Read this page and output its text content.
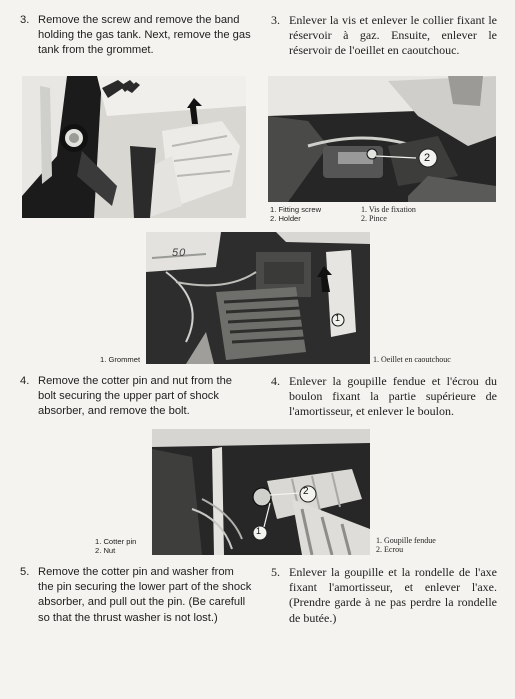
3. Remove the screw and remove the band holding the gas tank. Next, remove the gas tank from the grommet.
3. Enlever la vis et enlever le collier fixant le réservoir à gaz. Ensuite, enlever le réservoir de l'oeillet en caoutchouc.
2
1. Fitting screw
2. Holder
1. Vis de fixation
2. Pince
50
1
1. Grommet	1. Oeillet en caoutchouc
4. Remove the cotter pin and nut from the bolt securing the upper part of shock absorber, and remove the bolt.
4. Enlever la goupille fendue et l'écrou du boulon fixant la partie supérieure de l'amortisseur, et enlever le boulon.
2
1
1. Cotter pin
2. Nut
1. Goupille fendue
2. Ecrou
5. Remove the cotter pin and washer from the pin securing the lower part of the shock absorber, and pull out the pin. (Be carefull so that the thrust washer is not lost.)
5. Enlever la goupille et la rondelle de l'axe fixant l'amortisseur, et enlever l'axe. (Prendre garde à ne pas perdre la rondelle de butée.)
